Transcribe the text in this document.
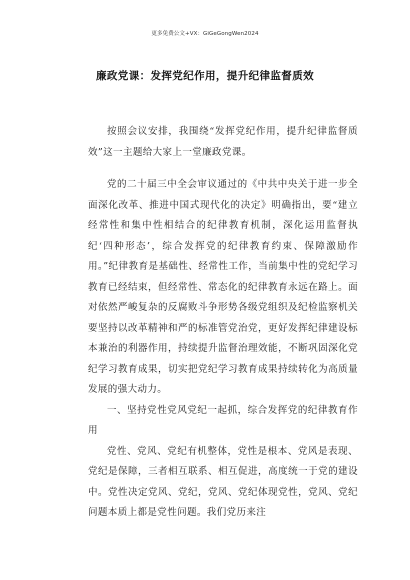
更多免费公文+VX：GiGeGongWen2024
廉政党课：发挥党纪作用，提升纪律监督质效

按照会议安排，我围绕“发挥党纪作用，提升纪律监督质效”这一主题给大家上一堂廉政党课。

党的二十届三中全会审议通过的《中共中央关于进一步全面深化改革、推进中国式现代化的决定》明确指出，要“建立经常性和集中性相结合的纪律教育机制，深化运用监督执纪‘四种形态’，综合发挥党的纪律教育约束、保障激励作用。”纪律教育是基础性、经常性工作，当前集中性的党纪学习教育已经结束，但经常性、常态化的纪律教育永远在路上。面对依然严峻复杂的反腐败斗争形势各级党组织及纪检监察机关要坚持以改革精神和严的标准管党治党，更好发挥纪律建设标本兼治的利器作用，持续提升监督治理效能，不断巩固深化党纪学习教育成果，切实把党纪学习教育成果持续转化为高质量发展的强大动力。

一、坚持党性党风党纪一起抓，综合发挥党的纪律教育作用

党性、党风、党纪有机整体，党性是根本、党风是表现、党纪是保障，三者相互联系、相互促进，高度统一于党的建设中。党性决定党风、党纪，党风、党纪体现党性，党风、党纪问题本质上都是党性问题。我们党历来注
